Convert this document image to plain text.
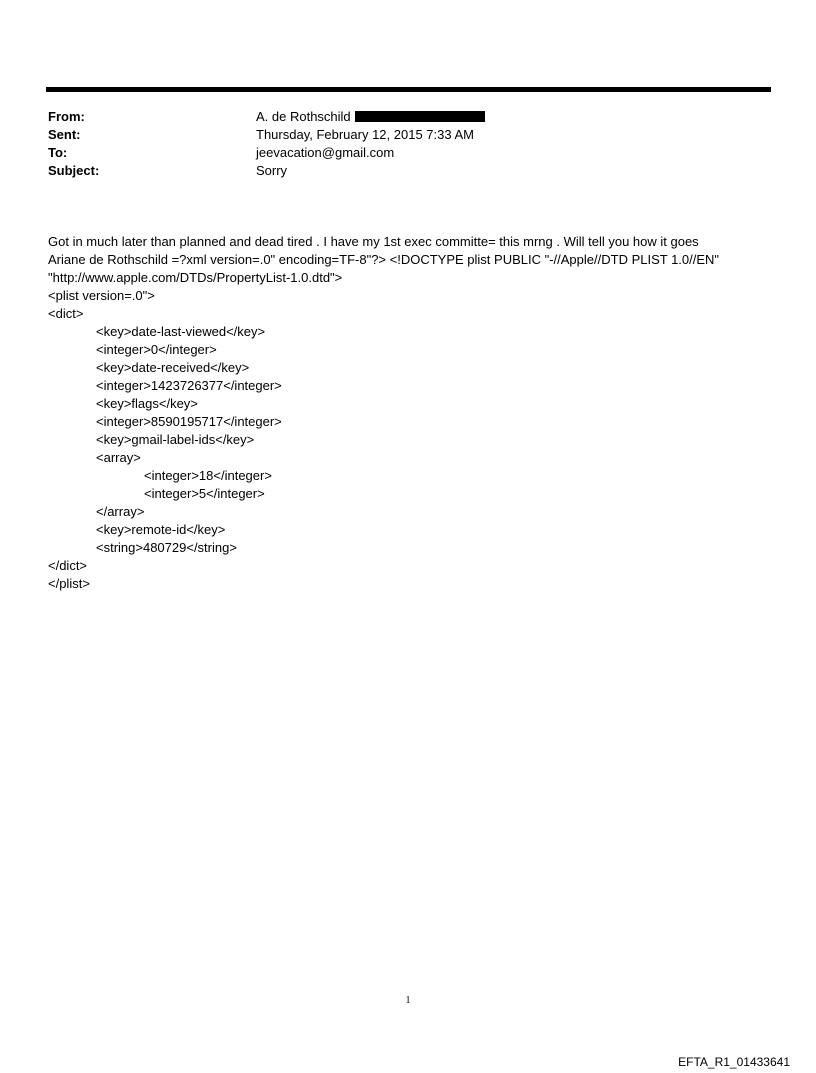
From:	A. de Rothschild
Sent:	Thursday, February 12, 2015 7:33 AM
To:	jeevacation@gmail.com
Subject:	Sorry
Got in much later than planned and dead tired . I have my 1st exec committe= this mrng . Will tell you how it goes
Ariane de Rothschild =?xml version=.0" encoding=TF-8"?> <!DOCTYPE plist PUBLIC "-//Apple//DTD PLIST 1.0//EN"
"http://www.apple.com/DTDs/PropertyList-1.0.dtd">
<plist version=.0">
<dict>
<key>date-last-viewed</key>
<integer>0</integer>
<key>date-received</key>
<integer>1423726377</integer>
<key>flags</key>
<integer>8590195717</integer>
<key>gmail-label-ids</key>
<array>
<integer>18</integer>
<integer>5</integer>
</array>
<key>remote-id</key>
<string>480729</string>
</dict>
</plist>
1
EFTA_R1_01433641
